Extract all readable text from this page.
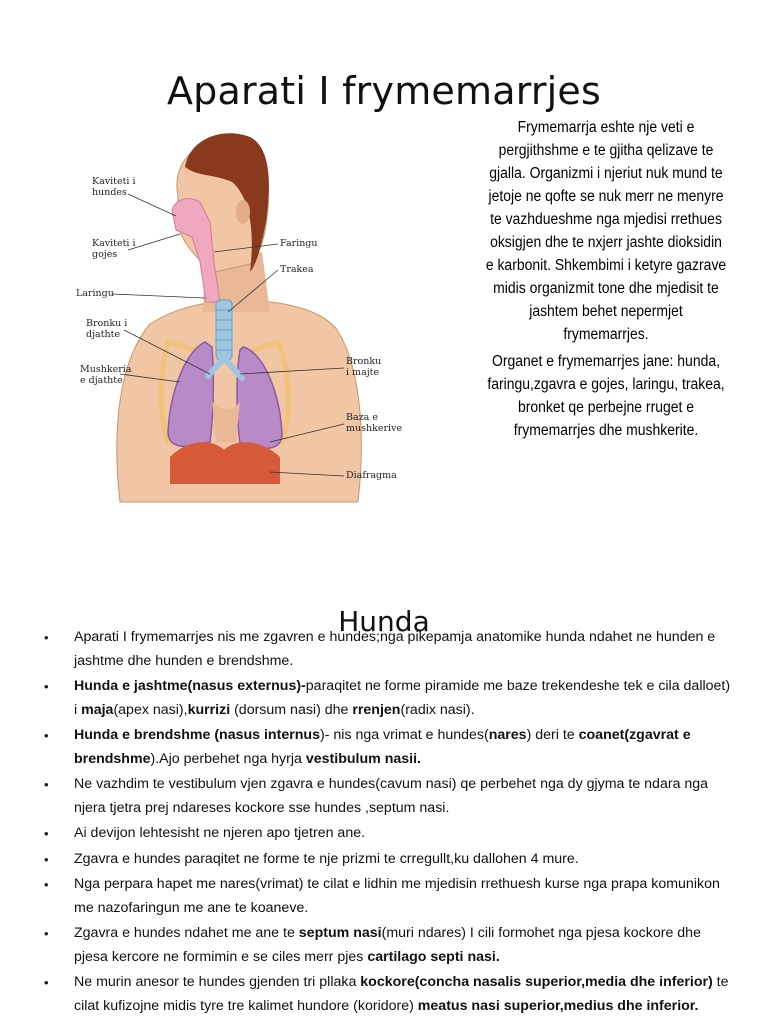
Aparati I frymemarrjes
Kaviteti i
hundes
Kaviteti i
gojes
Laringu
Bronku i
djathte
Mushkeria
e djathte
Faringu
Trakea
Bronku
i majte
Baza e
mushkerive
Diafragma

Frymemarrja eshte nje veti e pergjithshme e te gjitha qelizave te gjalla. Organizmi i njeriut nuk mund te jetoje ne qofte se nuk merr ne menyre te vazhdueshme nga mjedisi rrethues oksigjen dhe te nxjerr jashte dioksidin e karbonit. Shkembimi i ketyre gazrave midis organizmit tone dhe mjedisit te jashtem behet nepermjet frymemarrjes.

Organet e frymemarrjes jane: hunda, faringu,zgavra e gojes, laringu, trakea, bronket qe perbejne rruget e frymemarrjes dhe mushkerite.

Hunda
• Aparati I frymemarrjes nis me zgavren e hundes;nga pikepamja anatomike hunda ndahet ne hunden e jashtme dhe hunden e brendshme.
• Hunda e jashtme(nasus externus)-paraqitet ne forme piramide me baze trekendeshe tek e cila dalloet) i maja(apex nasi),kurrizi (dorsum nasi) dhe rrenjen(radix nasi).
• Hunda e brendshme (nasus internus)- nis nga vrimat e hundes(nares) deri te coanet(zgavrat e brendshme).Ajo perbehet nga hyrja vestibulum nasii.
• Ne vazhdim te vestibulum vjen zgavra e hundes(cavum nasi) qe perbehet nga dy gjyma te ndara nga njera tjetra prej ndareses kockore sse hundes ,septum nasi.
• Ai devijon lehtesisht ne njeren apo tjetren ane.
• Zgavra e hundes paraqitet ne forme te nje prizmi te crregullt,ku dallohen 4 mure.
• Nga perpara hapet me nares(vrimat) te cilat e lidhin me mjedisin rrethuesh kurse nga prapa komunikon me nazofaringun me ane te koaneve.
• Zgavra e hundes ndahet me ane te septum nasi(muri ndares) I cili formohet nga pjesa kockore dhe pjesa kercore ne formimin e se ciles merr pjes cartilago septi nasi.
• Ne murin anesor te hundes gjenden tri pllaka kockore(concha nasalis superior,media dhe inferior) te cilat kufizojne midis tyre tre kalimet hundore (koridore) meatus nasi superior,medius dhe inferior.
